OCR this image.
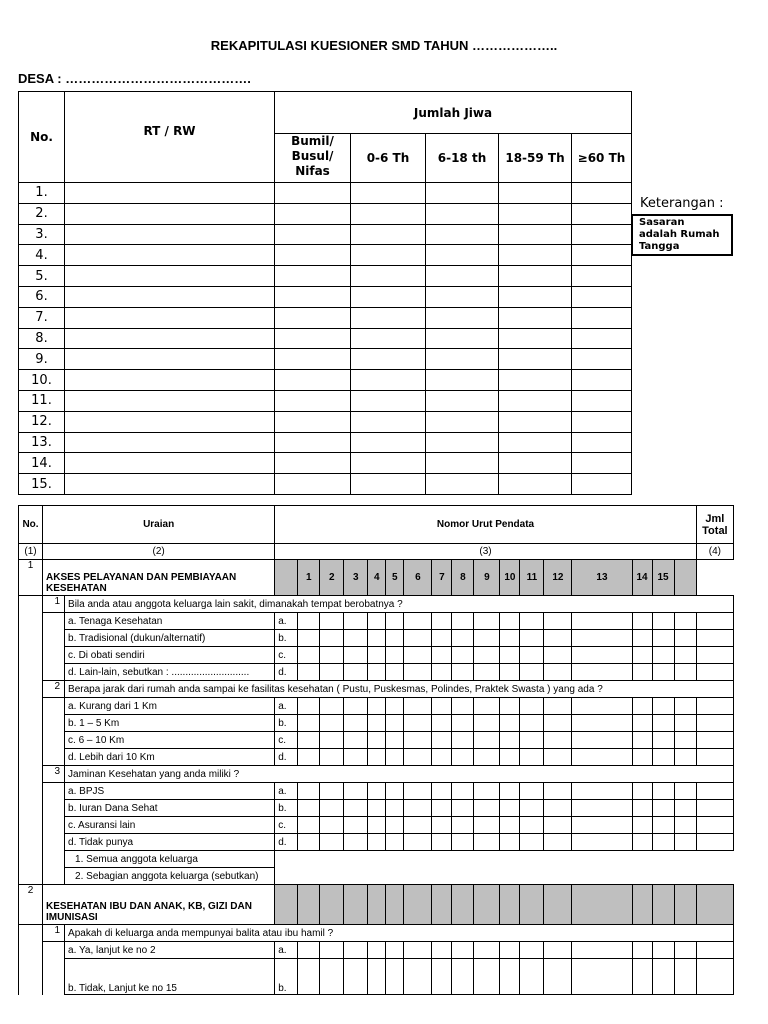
REKAPITULASI KUESIONER SMD TAHUN ………………..
DESA : …………………………………….
No.	RT / RW	Jumlah Jiwa				
		Bumil/ Busul/ Nifas	0-6 Th	6-18 th	18-59 Th	≥60 Th
1.						
2.						
3.						
4.						
5.						
6.						
7.						
8.						
9.						
10.						
11.						
12.						
13.						
14.						
15.						
Keterangan :
Sasaran adalah Rumah Tangga
No.	Uraian		Nomor Urut Pendata																	Jml Total
(1)	(2)		(3)																	(4)
1	AKSES PELAYANAN DAN PEMBIAYAAN KESEHATAN			1	2	3	4	5	6	7	8	9	10	11	12	13	14	15		
	1	Bila anda atau anggota keluarga lain sakit, dimanakah tempat berobatnya ?																		
		a. Tenaga Kesehatan	a.																	
		b. Tradisional (dukun/alternatif)	b.																	
		c. Di obati sendiri	c.																	
		d. Lain-lain, sebutkan : ............................	d.																	
	2	Berapa jarak dari rumah anda sampai ke fasilitas kesehatan ( Pustu, Puskesmas, Polindes, Praktek Swasta ) yang ada ?																		
		a. Kurang dari 1 Km	a.																	
		b. 1 – 5 Km	b.																	
		c. 6 – 10 Km	c.																	
		d. Lebih dari 10 Km	d.																	
	3	Jaminan Kesehatan yang anda miliki ?																		
		a. BPJS	a.																	
		b. Iuran Dana Sehat	b.																	
		c. Asuransi lain	c.																	
		d. Tidak punya	d.																	
		1. Semua anggota keluarga																		
		2. Sebagian anggota keluarga (sebutkan)																		
2	KESEHATAN IBU DAN ANAK, KB, GIZI DAN IMUNISASI																			
	1	Apakah di keluarga anda mempunyai balita atau ibu hamil ?																		
		a. Ya, lanjut ke no 2	a.																	
		b. Tidak, Lanjut ke no 15	b.																	
